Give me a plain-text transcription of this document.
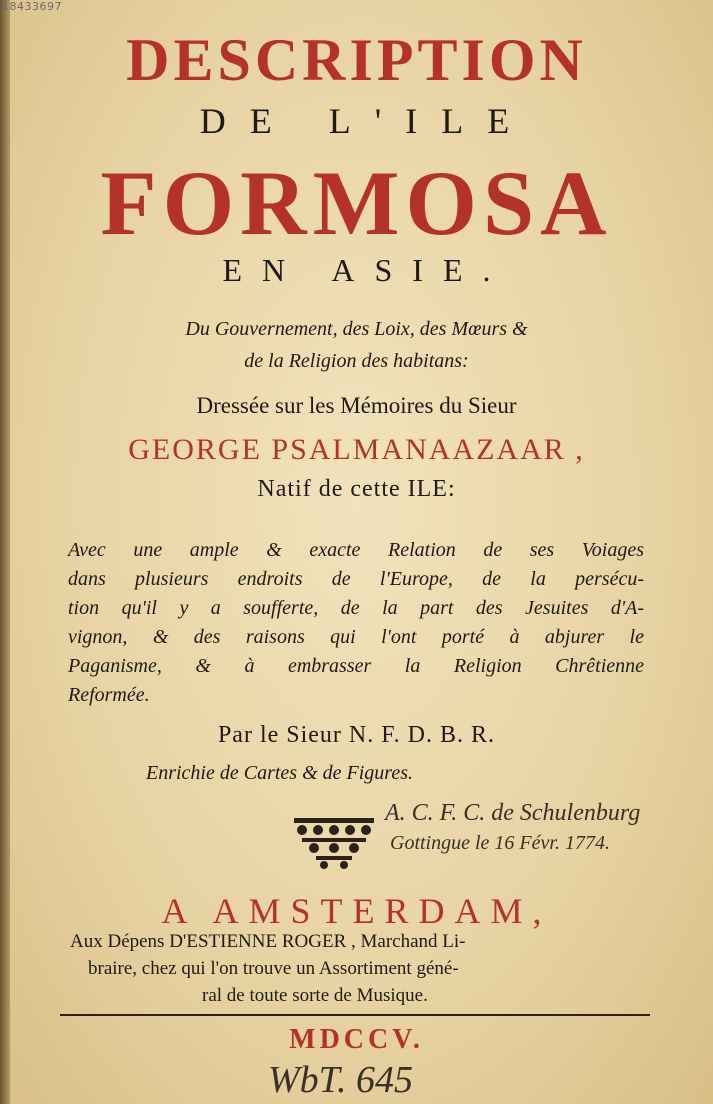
18433697
DESCRIPTION
DE L'ILE
FORMOSA
EN ASIE.
Du Gouvernement, des Loix, des Mœurs &
de la Religion des habitans:
Dressée sur les Mémoires du Sieur
GEORGE PSALMANAAZAAR ,
Natif de cette ILE:
Avec une ample & exacte Relation de ses Voiages
dans plusieurs endroits de l'Europe, de la persécu-
tion qu'il y a soufferte, de la part des Jesuites d'A-
vignon, & des raisons qui l'ont porté à abjurer le
Paganisme, & à embrasser la Religion Chrêtienne
Reformée.
Par le Sieur N. F. D. B. R.
Enrichie de Cartes & de Figures.
A. C. F. C. de Schulenburg
Gottingue le 16 Févr. 1774.
A AMSTERDAM,
Aux Dépens D'ESTIENNE ROGER , Marchand Li-
braire, chez qui l'on trouve un Assortiment géné-
ral de toute sorte de Musique.
MDCCV.
WbT. 645
